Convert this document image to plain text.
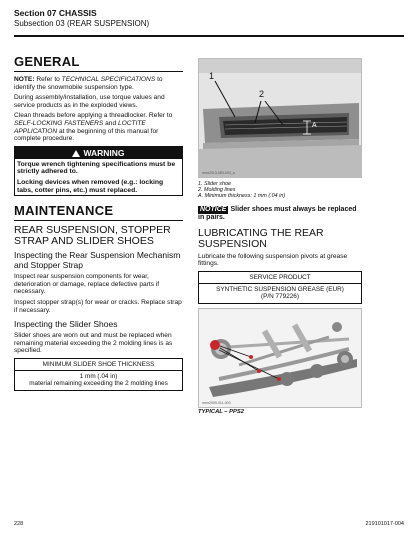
Section 07 CHASSIS
Subsection 03 (REAR SUSPENSION)
GENERAL

NOTE: Refer to TECHNICAL SPECIFICATIONS to identify the snowmobile suspension type.

During assembly/installation, use torque values and service products as in the exploded views.

Clean threads before applying a threadlocker. Refer to SELF-LOCKING FASTENERS and LOCTITE APPLICATION at the beginning of this manual for complete procedure.

WARNING

Torque wrench tightening specifications must be strictly adhered to.

Locking devices when removed (e.g.: locking tabs, cotter pins, etc.) must replaced.

MAINTENANCE
REAR SUSPENSION, STOPPER STRAP AND SLIDER SHOES
Inspecting the Rear Suspension Mechanism and Stopper Strap

Inspect rear suspension components for wear, deterioration or damage, replace defective parts if necessary.

Inspect stopper strap(s) for wear or cracks. Replace strap if necessary.

Inspecting the Slider Shoes

Slider shoes are worn out and must be replaced when remaining material exceeding the 2 molding lines is as specified.

MINIMUM SLIDER SHOE THICKNESS
1 mm (.04 in)
material remaining exceeding the 2 molding lines
1
2
A
mmr2013-083-003_a
1. Slider shoe
2. Molding lines
A. Minimum thickness: 1 mm (.04 in)

NOTICE Slider shoes must always be replaced in pairs.

LUBRICATING THE REAR SUSPENSION

Lubricate the following suspension pivots at grease fittings.

SERVICE PRODUCT
SYNTHETIC SUSPENSION GREASE (EUR)
(P/N 779226)
mmr2009-011-003
TYPICAL – PPS2
228	219101017-004
